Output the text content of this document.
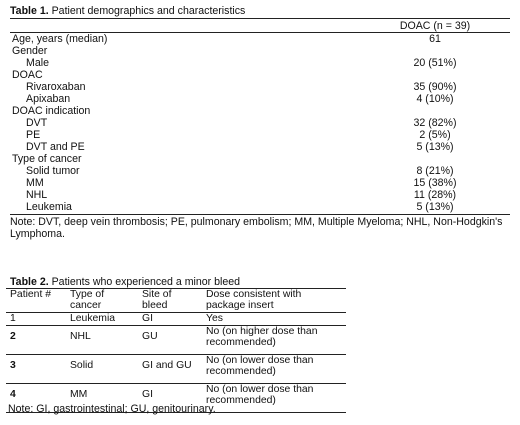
Table 1. Patient demographics and characteristics
DOAC (n = 39)
Age, years (median)	61
Gender
Male	20 (51%)
DOAC
Rivaroxaban	35 (90%)
Apixaban	4 (10%)
DOAC indication
DVT	32 (82%)
PE	2 (5%)
DVT and PE	5 (13%)
Type of cancer
Solid tumor	8 (21%)
MM	15 (38%)
NHL	11 (28%)
Leukemia	5 (13%)
Note: DVT, deep vein thrombosis; PE, pulmonary embolism; MM, Multiple Myeloma; NHL, Non-Hodgkin's
Lymphoma.
Table 2. Patients who experienced a minor bleed
Patient #	Type of cancer	Site of bleed	Dose consistent with package insert
1	Leukemia	GI	Yes
2	NHL	GU	No (on higher dose than recommended)
3	Solid	GI and GU	No (on lower dose than recommended)
4	MM	GI	No (on lower dose than recommended)
Note: GI, gastrointestinal; GU, genitourinary.
